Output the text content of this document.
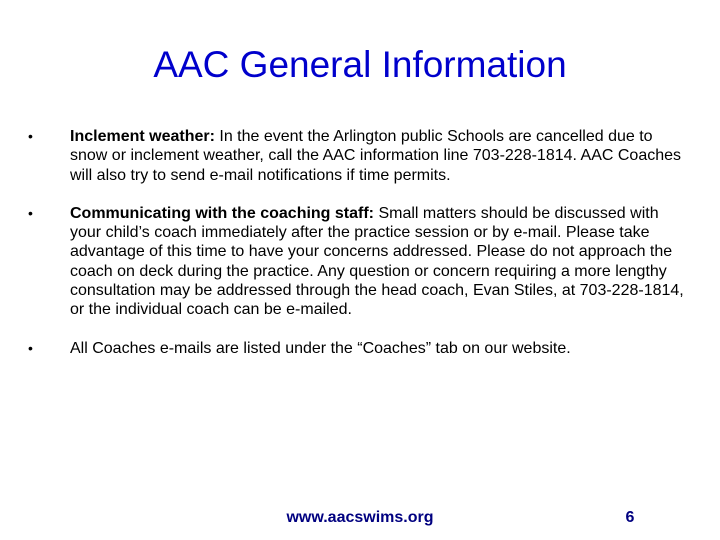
AAC General Information
• Inclement weather: In the event the Arlington public Schools are cancelled due to snow or inclement weather, call the AAC information line 703-228-1814. AAC Coaches will also try to send e-mail notifications if time permits.
• Communicating with the coaching staff: Small matters should be discussed with your child’s coach immediately after the practice session or by e-mail. Please take advantage of this time to have your concerns addressed. Please do not approach the coach on deck during the practice. Any question or concern requiring a more lengthy consultation may be addressed through the head coach, Evan Stiles, at 703-228-1814, or the individual coach can be e-mailed.
• All Coaches e-mails are listed under the “Coaches” tab on our website.
www.aacswims.org	6
